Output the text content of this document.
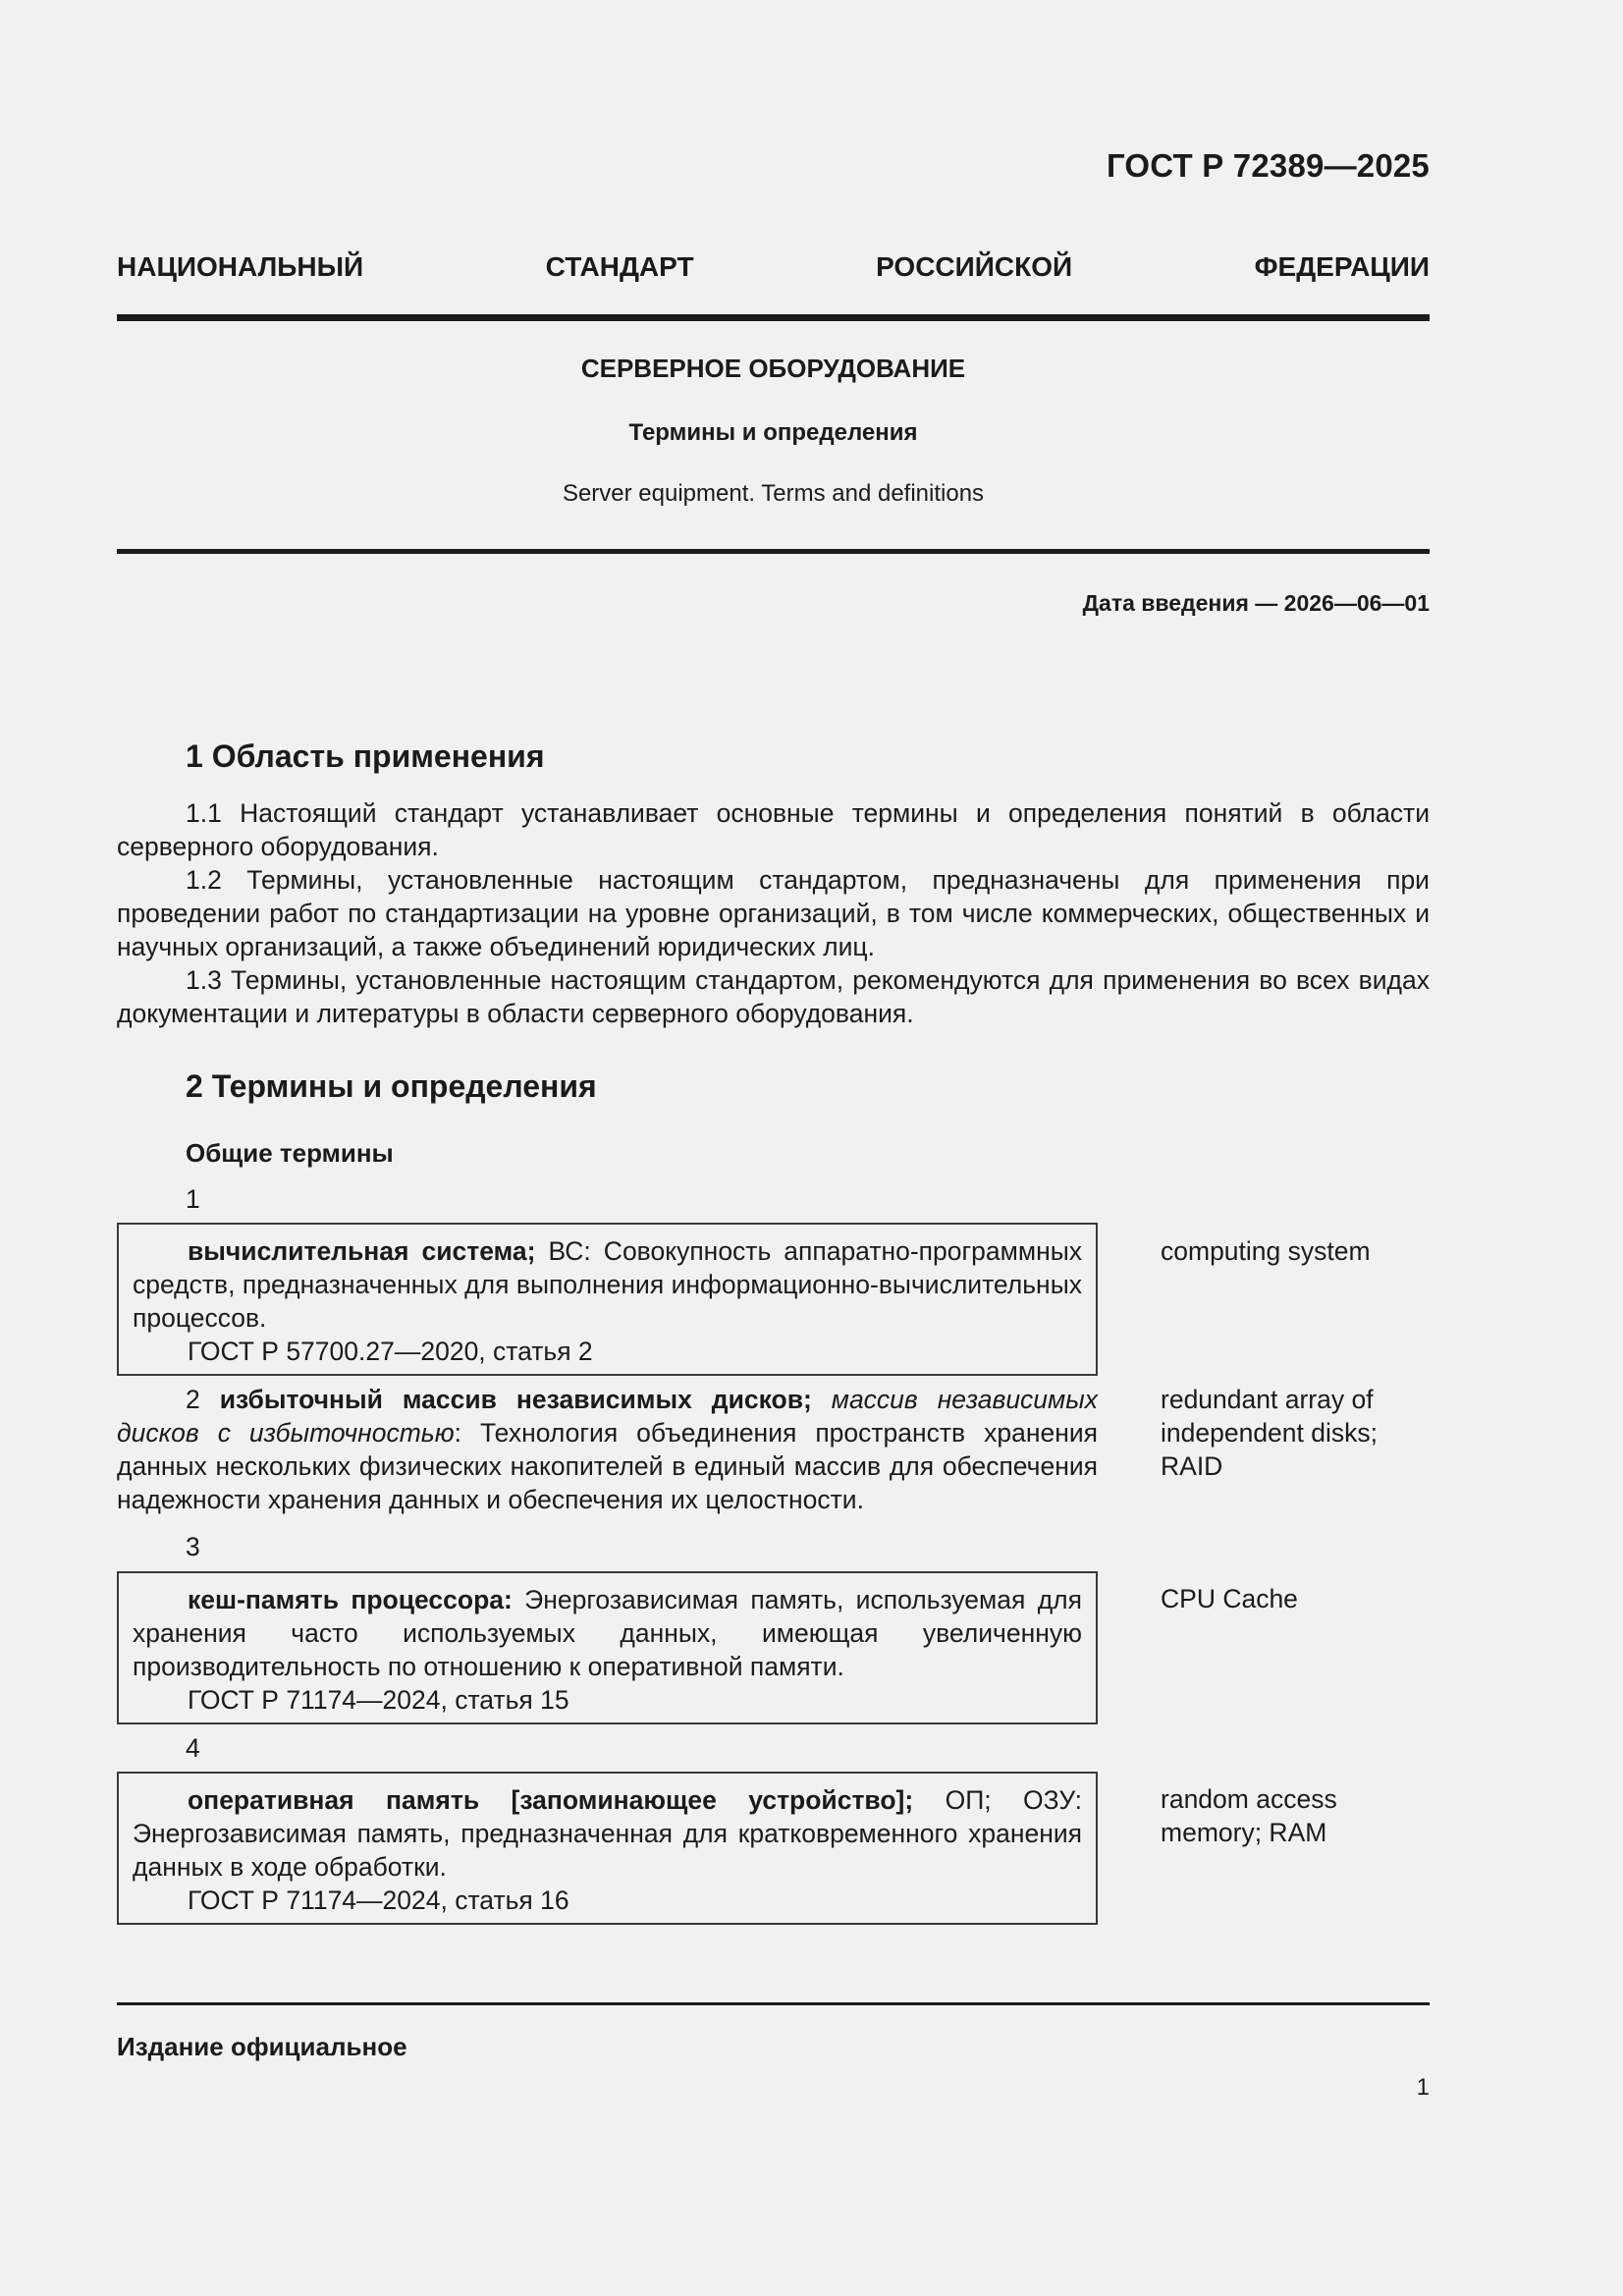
ГОСТ Р 72389—2025
НАЦИОНАЛЬНЫЙ СТАНДАРТ РОССИЙСКОЙ ФЕДЕРАЦИИ
СЕРВЕРНОЕ ОБОРУДОВАНИЕ
Термины и определения
Server equipment. Terms and definitions
Дата введения — 2026—06—01
1 Область применения

1.1 Настоящий стандарт устанавливает основные термины и определения понятий в области серверного оборудования.

1.2 Термины, установленные настоящим стандартом, предназначены для применения при проведении работ по стандартизации на уровне организаций, в том числе коммерческих, общественных и научных организаций, а также объединений юридических лиц.

1.3 Термины, установленные настоящим стандартом, рекомендуются для применения во всех видах документации и литературы в области серверного оборудования.

2 Термины и определения
Общие термины
1

вычислительная система; ВС: Совокупность аппаратно-программных средств, предназначенных для выполнения информационно-вычислительных процессов.

ГОСТ Р 57700.27—2020, статья 2

computing system

2 избыточный массив независимых дисков; массив независимых дисков с избыточностью: Технология объединения пространств хранения данных нескольких физических накопителей в единый массив для обеспечения надежности хранения данных и обеспечения их целостности.

redundant array of independent disks; RAID
3

кеш-память процессора: Энергозависимая память, используемая для хранения часто используемых данных, имеющая увеличенную производительность по отношению к оперативной памяти.

ГОСТ Р 71174—2024, статья 15

CPU Cache
4

оперативная память [запоминающее устройство]; ОП; ОЗУ: Энергозависимая память, предназначенная для кратковременного хранения данных в ходе обработки.

ГОСТ Р 71174—2024, статья 16

random access memory; RAM
Издание официальное
1
